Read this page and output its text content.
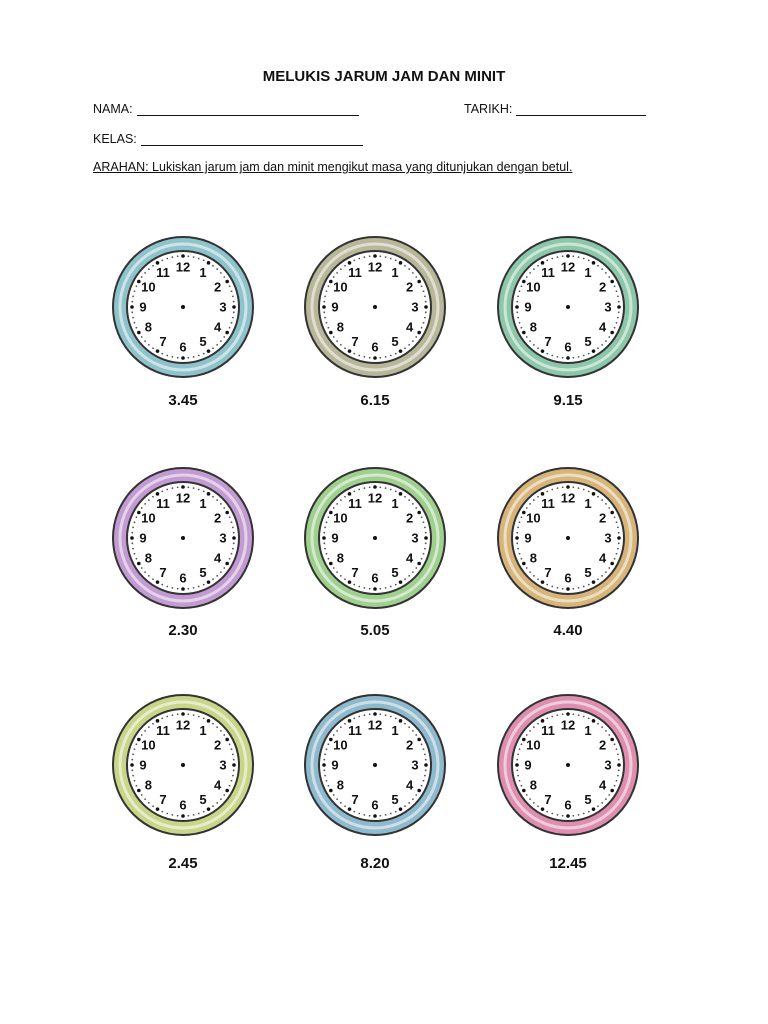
MELUKIS JARUM JAM DAN MINIT
NAMA:	TARIKH:
KELAS:
ARAHAN: Lukiskan jarum jam dan minit mengikut masa yang ditunjukan dengan betul.
12 1
2
3
4
5
6
7
8
9
10
11
3.45
12 1
2
3
4
5
6
7
8
9
10
11
6.15
12 1
2
3
4
5
6
7
8
9
10
11
9.15
12 1
2
3
4
5
6
7
8
9
10
11
2.30
12 1
2
3
4
5
6
7
8
9
10
11
5.05
12 1
2
3
4
5
6
7
8
9
10
11
4.40
12 1
2
3
4
5
6
7
8
9
10
11
2.45
12 1
2
3
4
5
6
7
8
9
10
11
8.20
12 1
2
3
4
5
6
7
8
9
10
11
12.45
